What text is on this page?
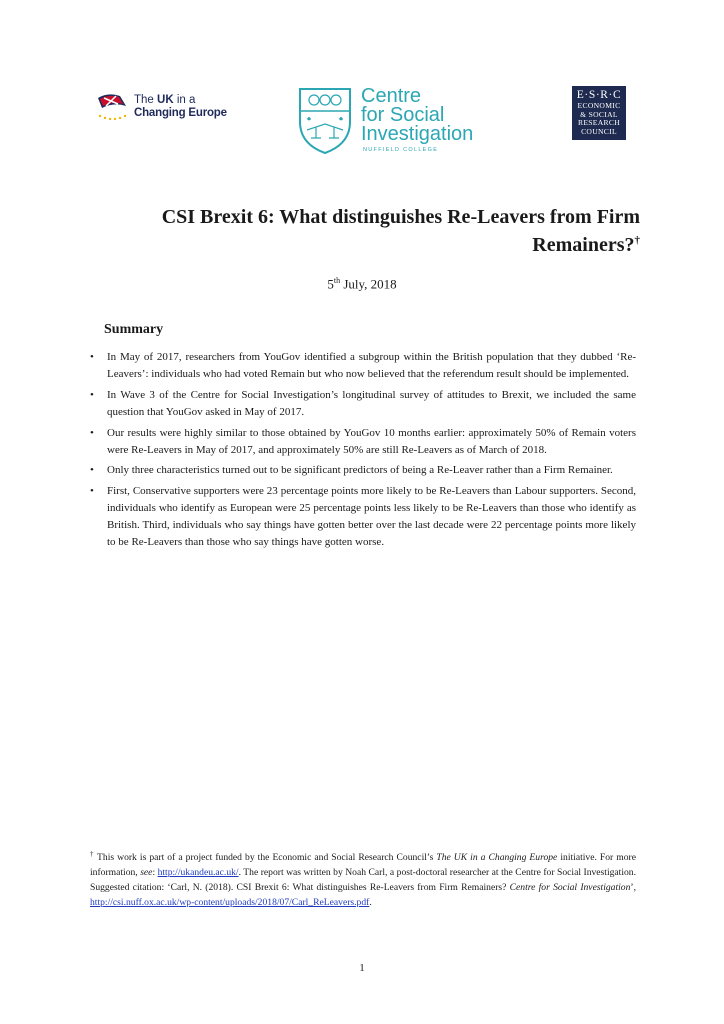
The UK in a
Changing Europe
Centre
for Social
Investigation
NUFFIELD COLLEGE
E·S·R·C
ECONOMIC
& SOCIAL
RESEARCH
COUNCIL
CSI Brexit 6: What distinguishes Re-Leavers from Firm
Remainers?†
5th July, 2018
Summary
• In May of 2017, researchers from YouGov identified a subgroup within the British population that they dubbed ‘Re-Leavers’: individuals who had voted Remain but who now believed that the referendum result should be implemented.
• In Wave 3 of the Centre for Social Investigation’s longitudinal survey of attitudes to Brexit, we included the same question that YouGov asked in May of 2017.
• Our results were highly similar to those obtained by YouGov 10 months earlier: approximately 50% of Remain voters were Re-Leavers in May of 2017, and approximately 50% are still Re-Leavers as of March of 2018.
• Only three characteristics turned out to be significant predictors of being a Re-Leaver rather than a Firm Remainer.
• First, Conservative supporters were 23 percentage points more likely to be Re-Leavers than Labour supporters. Second, individuals who identify as European were 25 percentage points less likely to be Re-Leavers than those who identify as British. Third, individuals who say things have gotten better over the last decade were 22 percentage points more likely to be Re-Leavers than those who say things have gotten worse.
† This work is part of a project funded by the Economic and Social Research Council’s The UK in a Changing Europe initiative. For more information, see: http://ukandeu.ac.uk/. The report was written by Noah Carl, a post-doctoral researcher at the Centre for Social Investigation. Suggested citation: ‘Carl, N. (2018). CSI Brexit 6: What distinguishes Re-Leavers from Firm Remainers? Centre for Social Investigation’, http://csi.nuff.ox.ac.uk/wp-content/uploads/2018/07/Carl_ReLeavers.pdf.
1
